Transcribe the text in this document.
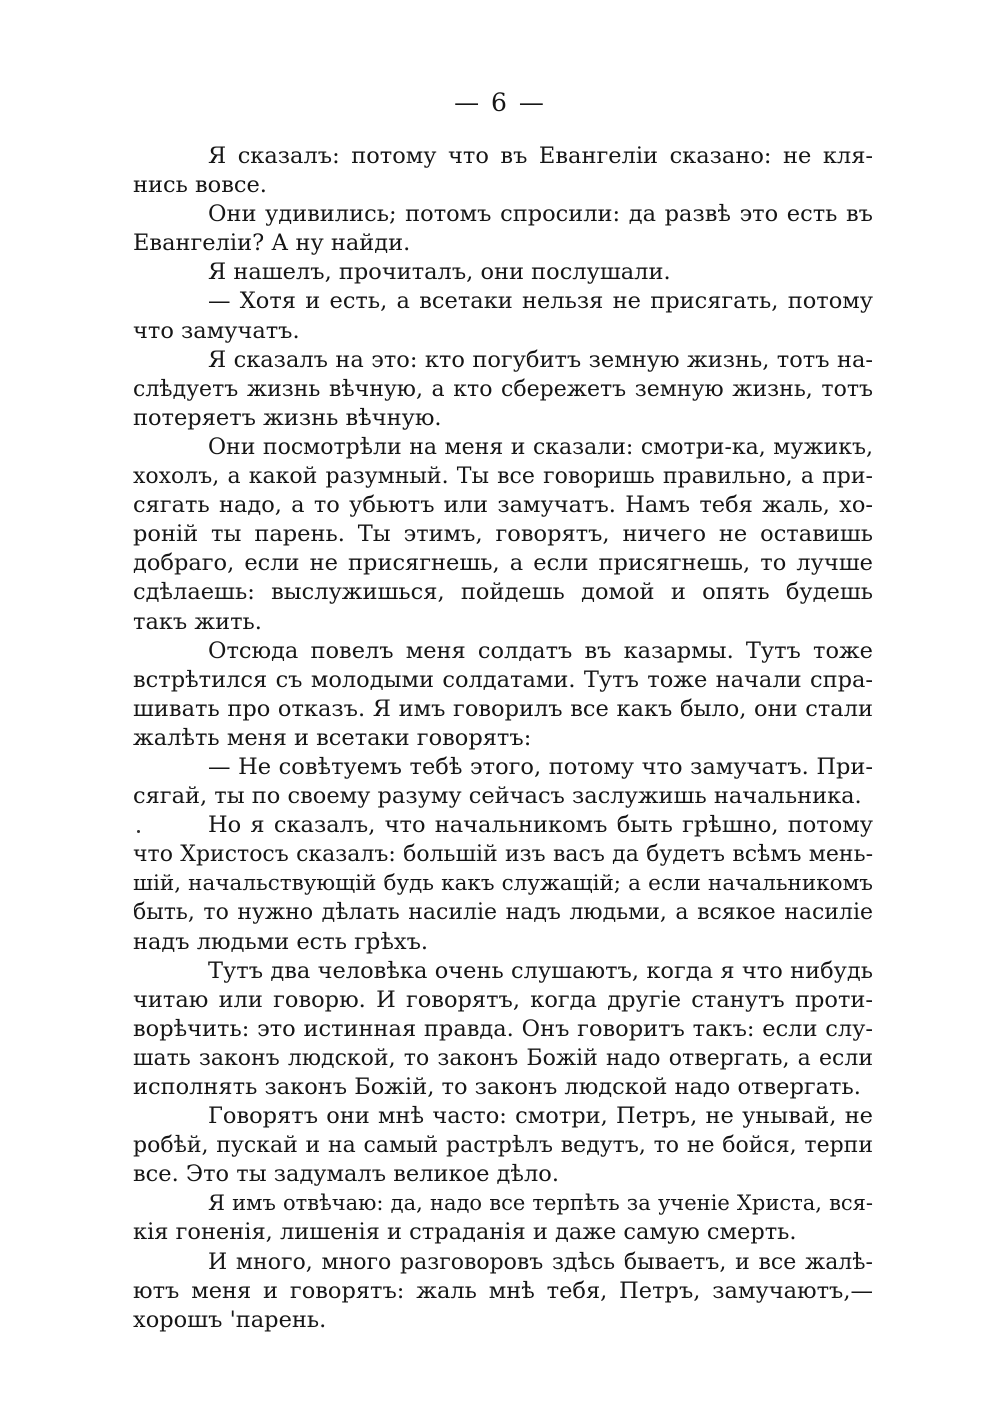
— 6 —
Я сказалъ: потому что въ Евангеліи сказано: не кля-
нись вовсе.
Они удивились; потомъ спросили: да развѣ это есть въ
Евангеліи? А ну найди.
Я нашелъ, прочиталъ, они послушали.
— Хотя и есть, а всетаки нельзя не присягать, потому
что замучатъ.
Я сказалъ на это: кто погубитъ земную жизнь, тотъ на-
слѣдуетъ жизнь вѣчную, а кто сбережетъ земную жизнь, тотъ
потеряетъ жизнь вѣчную.
Они посмотрѣли на меня и сказали: смотри-ка, мужикъ,
хохолъ, а какой разумный. Ты все говоришь правильно, а при-
сягать надо, а то убьютъ или замучатъ. Намъ тебя жаль, хо-
роній ты парень. Ты этимъ, говорятъ, ничего не оставишь
добраго, если не присягнешь, а если присягнешь, то лучше
сдѣлаешь: выслужишься, пойдешь домой и опять будешь
такъ жить.
Отсюда повелъ меня солдатъ въ казармы. Тутъ тоже
встрѣтился съ молодыми солдатами. Тутъ тоже начали спра-
шивать про отказъ. Я имъ говорилъ все какъ было, они стали
жалѣть меня и всетаки говорятъ:
— Не совѣтуемъ тебѣ этого, потому что замучатъ. При-
сягай, ты по своему разуму сейчасъ заслужишь начальника.
Но я сказалъ, что начальникомъ быть грѣшно, потому
что Христосъ сказалъ: большій изъ васъ да будетъ всѣмъ мень-
шій, начальствующій будь какъ служащій; а если начальникомъ
быть, то нужно дѣлать насиліе надъ людьми, а всякое насиліе
надъ людьми есть грѣхъ.
Тутъ два человѣка очень слушаютъ, когда я что нибудь
читаю или говорю. И говорятъ, когда другіе станутъ проти-
ворѣчить: это истинная правда. Онъ говоритъ такъ: если слу-
шать законъ людской, то законъ Божій надо отвергать, а если
исполнять законъ Божій, то законъ людской надо отвергать.
Говорятъ они мнѣ часто: смотри, Петръ, не унывай, не
робѣй, пускай и на самый растрѣлъ ведутъ, то не бойся, терпи
все. Это ты задумалъ великое дѣло.
Я имъ отвѣчаю: да, надо все терпѣть за ученіе Христа, вся-
кія гоненія, лишенія и страданія и даже самую смерть.
И много, много разговоровъ здѣсь бываетъ, и все жалѣ-
ютъ меня и говорятъ: жаль мнѣ тебя, Петръ, замучаютъ,—
хорошъ 'парень.
